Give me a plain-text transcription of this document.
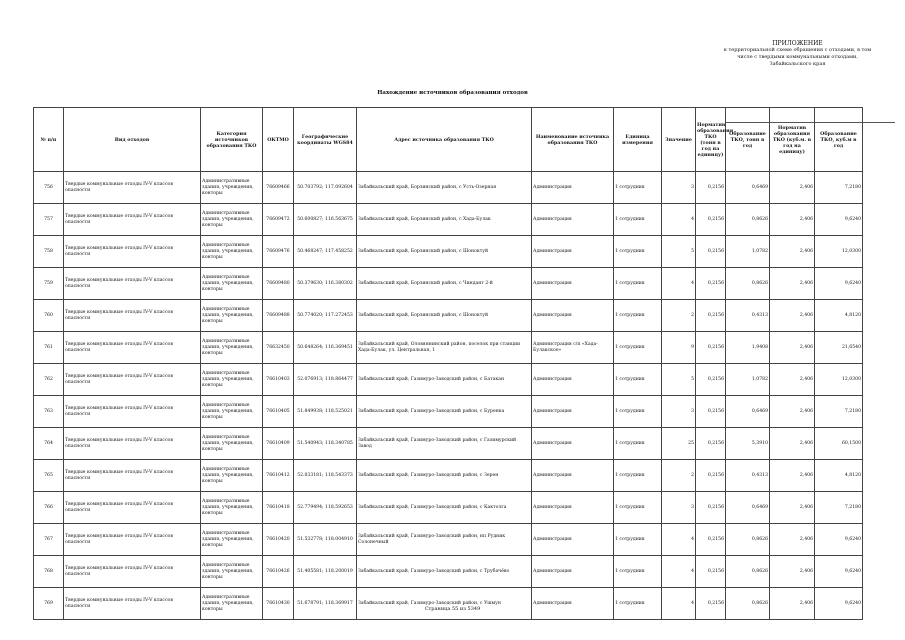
ПРИЛОЖЕНИЕ
к территориальной схеме обращения с отходами, в том
числе с твердыми коммунальными отходами,
Забайкальского края
Нахождение источников образования отходов
№ п/п	Вид отходов	Категория источников образования ТКО	ОКТМО	Географические координаты WGS84	Адрес источника образования ТКО	Наименование источника образования ТКО	Единица измерения	Значение	Норматив образования ТКО (тонн в год на единицу)	Образование ТКО, тонн в год	Норматив образования ТКО (куб.м. в год на единицу)	Образование ТКО, куб.м в год
756	Твердые коммунальные отходы IV-V классов опасности	Административные здания, учреждения, конторы	76609466	50.703792; 117.092604	Забайкальский край, Борзинский район, с Усть-Озерная	Администрация	1 сотрудник	3	0,2156	0,6469	2,406	7,2180
757	Твердые коммунальные отходы IV-V классов опасности	Административные здания, учреждения, конторы	76609472	50.600827; 116.563675	Забайкальский край, Борзинский район, с Хада-Булак	Администрация	1 сотрудник	4	0,2156	0,8626	2,406	9,6240
758	Твердые коммунальные отходы IV-V классов опасности	Административные здания, учреждения, конторы	76609476	50.468247; 117.458252	Забайкальский край, Борзинский район, с Шоноктуй	Администрация	1 сотрудник	5	0,2156	1,0782	2,406	12,0300
759	Твердые коммунальные отходы IV-V классов опасности	Административные здания, учреждения, конторы	76609480	50.379630; 116.380302	Забайкальский край, Борзинский район, с Чиндант 2-й	Администрация	1 сотрудник	4	0,2156	0,8626	2,406	9,6240
760	Твердые коммунальные отходы IV-V классов опасности	Административные здания, учреждения, конторы	76609488	50.774020; 117.272453	Забайкальский край, Борзинский район, с Шоноктуй	Администрация	1 сотрудник	2	0,2156	0,4313	2,406	4,8120
761	Твердые коммунальные отходы IV-V классов опасности	Административные здания, учреждения, конторы	76632450	50.648264; 116.369451	Забайкальский край, Оловяннинский район, поселок при станции Хада-Булак, ул. Центральная, 1	Администрация с/п «Хада-Булакское»	1 сотрудник	9	0,2156	1,9408	2,406	21,6540
762	Твердые коммунальные отходы IV-V классов опасности	Административные здания, учреждения, конторы	76610403	52.076913; 118.864477	Забайкальский край, Газимуро-Заводский район, с Батакан	Администрация	1 сотрудник	5	0,2156	1,0782	2,406	12,0300
763	Твердые коммунальные отходы IV-V классов опасности	Административные здания, учреждения, конторы	76610405	51.849938; 118.525021	Забайкальский край, Газимуро-Заводский район, с Буренка	Администрация	1 сотрудник	3	0,2156	0,6469	2,406	7,2180
764	Твердые коммунальные отходы IV-V классов опасности	Административные здания, учреждения, конторы	76610409	51.540943; 118.340785	Забайкальский край, Газимуро-Заводский район, с Газимурский Завод	Администрация	1 сотрудник	25	0,2156	5,3910	2,406	60,1500
765	Твердые коммунальные отходы IV-V классов опасности	Административные здания, учреждения, конторы	76610412	52.033181; 118.543373	Забайкальский край, Газимуро-Заводский район, с Зерен	Администрация	1 сотрудник	2	0,2156	0,4313	2,406	4,8120
766	Твердые коммунальные отходы IV-V классов опасности	Административные здания, учреждения, конторы	76610418	52.779494; 118.592653	Забайкальский край, Газимуро-Заводский район, с Кактолга	Администрация	1 сотрудник	3	0,2156	0,6469	2,406	7,2180
767	Твердые коммунальные отходы IV-V классов опасности	Административные здания, учреждения, конторы	76610420	51.532778; 118.004910	Забайкальский край, Газимуро-Заводский район, нп Рудник Солонечный	Администрация	1 сотрудник	4	0,2156	0,8626	2,406	9,6240
768	Твердые коммунальные отходы IV-V классов опасности	Административные здания, учреждения, конторы	76610426	51.405581; 118.200019	Забайкальский край, Газимуро-Заводский район, с Трубачёво	Администрация	1 сотрудник	4	0,2156	0,8626	2,406	9,6240
769	Твердые коммунальные отходы IV-V классов опасности	Административные здания, учреждения, конторы	76610430	51.678791; 118.369917	Забайкальский край, Газимуро-Заводский район, с Ушмун	Администрация	1 сотрудник	4	0,2156	0,8626	2,406	9,6240
Страница 55 из 5349
